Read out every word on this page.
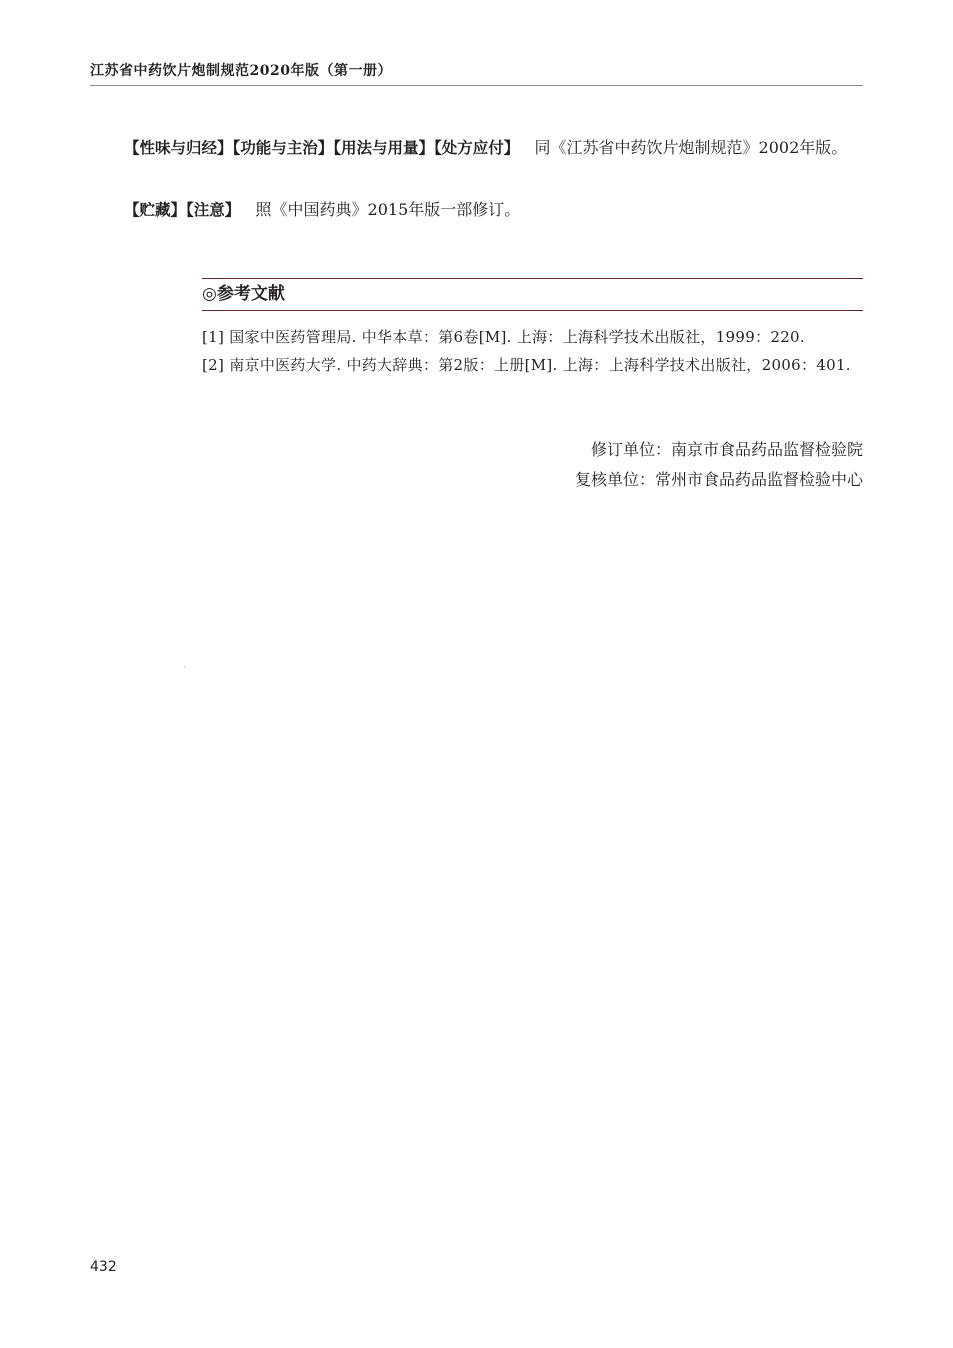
江苏省中药饮片炮制规范2020年版（第一册）
【性味与归经】【功能与主治】【用法与用量】【处方应付】 同《江苏省中药饮片炮制规范》2002年版。
【贮藏】【注意】 照《中国药典》2015年版一部修订。
◎参考文献
[1] 国家中医药管理局. 中华本草：第6卷[M]. 上海：上海科学技术出版社，1999：220.
[2] 南京中医药大学. 中药大辞典：第2版：上册[M]. 上海：上海科学技术出版社，2006：401.
修订单位：南京市食品药品监督检验院
复核单位：常州市食品药品监督检验中心
432
